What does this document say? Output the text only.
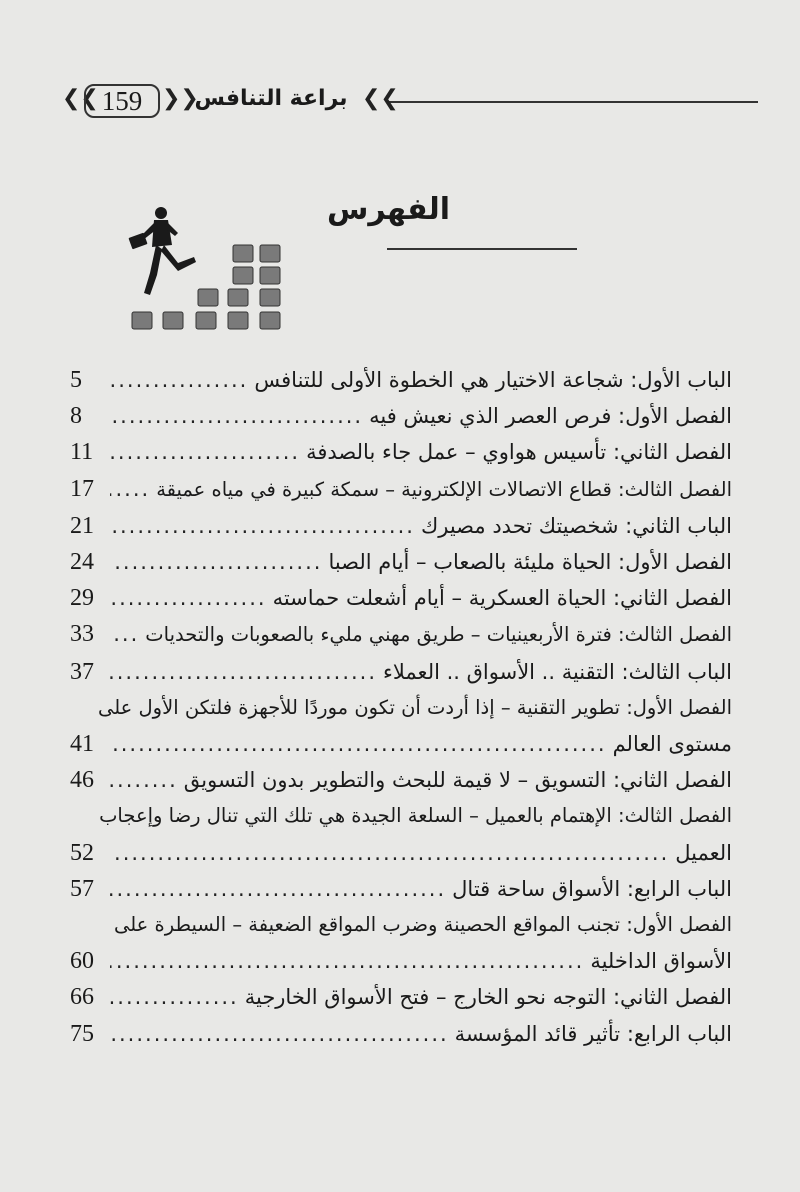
❮❮ 159 ❯❯
براعة التنافس ❮❮
الفهرس
الباب الأول: شجاعة الاختيار هي الخطوة الأولى للتنافس
.....
5
الفصل الأول: فرص العصر الذي نعيش فيه
.....
8
الفصل الثاني: تأسيس هواوي – عمل جاء بالصدفة
.....
11
الفصل الثالث: قطاع الاتصالات الإلكترونية – سمكة كبيرة في مياه عميقة
.....
17
الباب الثاني: شخصيتك تحدد مصيرك
.....
21
الفصل الأول: الحياة مليئة بالصعاب – أيام الصبا
.....
24
الفصل الثاني: الحياة العسكرية – أيام أشعلت حماسته
.....
29
الفصل الثالث: فترة الأربعينيات – طريق مهني مليء بالصعوبات والتحديات
.....
33
الباب الثالث: التقنية .. الأسواق .. العملاء
.....
37
الفصل الأول: تطوير التقنية – إذا أردت أن تكون موردًا للأجهزة فلتكن الأول على
مستوى العالم
.....
41
الفصل الثاني: التسويق – لا قيمة للبحث والتطوير بدون التسويق
.....
46
الفصل الثالث: الإهتمام بالعميل – السلعة الجيدة هي تلك التي تنال رضا وإعجاب
العميل
.....
52
الباب الرابع: الأسواق ساحة قتال
.....
57
الفصل الأول: تجنب المواقع الحصينة وضرب المواقع الضعيفة – السيطرة على
الأسواق الداخلية
.....
60
الفصل الثاني: التوجه نحو الخارج – فتح الأسواق الخارجية
.....
66
الباب الرابع: تأثير قائد المؤسسة
.....
75
